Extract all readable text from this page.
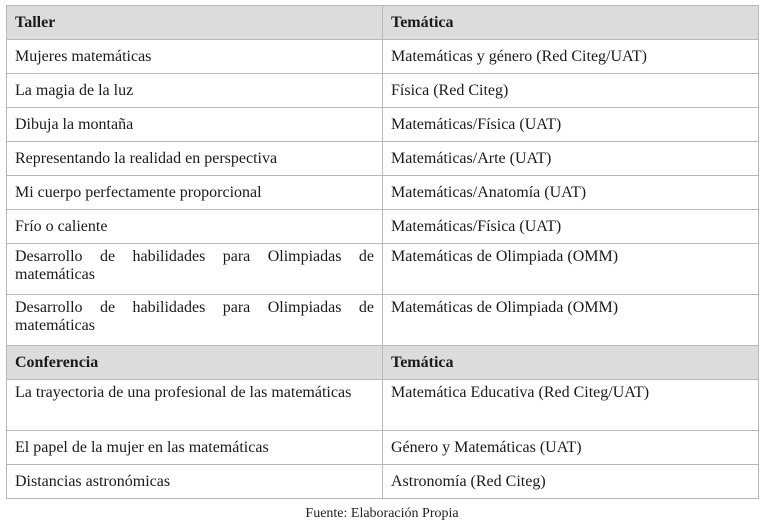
Taller	Temática
Mujeres matemáticas	Matemáticas y género (Red Citeg/UAT)
La magia de la luz	Física (Red Citeg)
Dibuja la montaña	Matemáticas/Física (UAT)
Representando la realidad en perspectiva	Matemáticas/Arte (UAT)
Mi cuerpo perfectamente proporcional	Matemáticas/Anatomía (UAT)
Frío o caliente	Matemáticas/Física (UAT)
Desarrollo de habilidades para Olimpiadas de matemáticas	Matemáticas de Olimpiada (OMM)
Desarrollo de habilidades para Olimpiadas de matemáticas	Matemáticas de Olimpiada (OMM)
Conferencia	Temática
La trayectoria de una profesional de las matemáticas	Matemática Educativa (Red Citeg/UAT)
El papel de la mujer en las matemáticas	Género y Matemáticas (UAT)
Distancias astronómicas	Astronomía (Red Citeg)
Fuente: Elaboración Propia
